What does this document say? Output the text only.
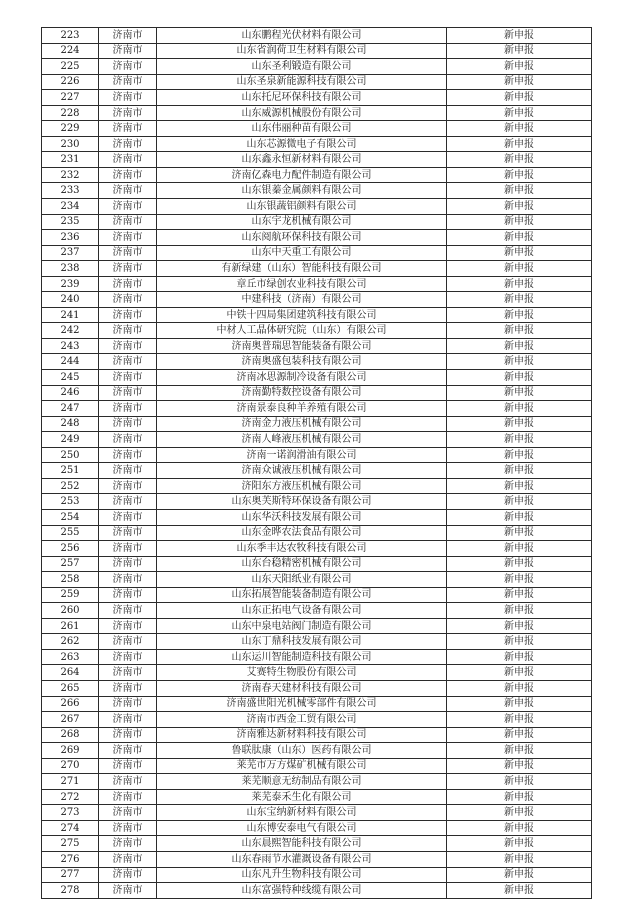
223	济南市	山东鹏程光伏材料有限公司	新申报
224	济南市	山东省润荷卫生材料有限公司	新申报
225	济南市	山东圣利锻造有限公司	新申报
226	济南市	山东圣泉新能源科技有限公司	新申报
227	济南市	山东托尼环保科技有限公司	新申报
228	济南市	山东威源机械股份有限公司	新申报
229	济南市	山东伟丽种苗有限公司	新申报
230	济南市	山东芯源微电子有限公司	新申报
231	济南市	山东鑫永恒新材料有限公司	新申报
232	济南市	济南亿森电力配件制造有限公司	新申报
233	济南市	山东银蓁金属颜料有限公司	新申报
234	济南市	山东银蔬铝颜料有限公司	新申报
235	济南市	山东宇龙机械有限公司	新申报
236	济南市	山东阅航环保科技有限公司	新申报
237	济南市	山东中天重工有限公司	新申报
238	济南市	有新绿建（山东）智能科技有限公司	新申报
239	济南市	章丘市绿创农业科技有限公司	新申报
240	济南市	中建科技（济南）有限公司	新申报
241	济南市	中铁十四局集团建筑科技有限公司	新申报
242	济南市	中材人工晶体研究院（山东）有限公司	新申报
243	济南市	济南奥普瑞思智能装备有限公司	新申报
244	济南市	济南奥盛包装科技有限公司	新申报
245	济南市	济南冰思源制冷设备有限公司	新申报
246	济南市	济南勤特数控设备有限公司	新申报
247	济南市	济南景泰良种羊养殖有限公司	新申报
248	济南市	济南金力液压机械有限公司	新申报
249	济南市	济南人峰液压机械有限公司	新申报
250	济南市	济南一诺润滑油有限公司	新申报
251	济南市	济南众诚液压机械有限公司	新申报
252	济南市	济阳东方液压机械有限公司	新申报
253	济南市	山东奥芙斯特环保设备有限公司	新申报
254	济南市	山东华沃科技发展有限公司	新申报
255	济南市	山东金晔农法食品有限公司	新申报
256	济南市	山东季丰达农牧科技有限公司	新申报
257	济南市	山东台稳精密机械有限公司	新申报
258	济南市	山东天阳纸业有限公司	新申报
259	济南市	山东拓展智能装备制造有限公司	新申报
260	济南市	山东正拓电气设备有限公司	新申报
261	济南市	山东中泉电站阀门制造有限公司	新申报
262	济南市	山东丁鼎科技发展有限公司	新申报
263	济南市	山东运川智能制造科技有限公司	新申报
264	济南市	艾赛特生物股份有限公司	新申报
265	济南市	济南春天建材科技有限公司	新申报
266	济南市	济南盛世阳光机械零部件有限公司	新申报
267	济南市	济南市西金工贸有限公司	新申报
268	济南市	济南雅达新材料科技有限公司	新申报
269	济南市	鲁联肽康（山东）医药有限公司	新申报
270	济南市	莱芜市万方煤矿机械有限公司	新申报
271	济南市	莱芜顺意无纺制品有限公司	新申报
272	济南市	莱芜泰禾生化有限公司	新申报
273	济南市	山东宝纳新材料有限公司	新申报
274	济南市	山东博安泰电气有限公司	新申报
275	济南市	山东晨熙智能科技有限公司	新申报
276	济南市	山东春雨节水灌溉设备有限公司	新申报
277	济南市	山东凡升生物科技有限公司	新申报
278	济南市	山东富强特种线缆有限公司	新申报
